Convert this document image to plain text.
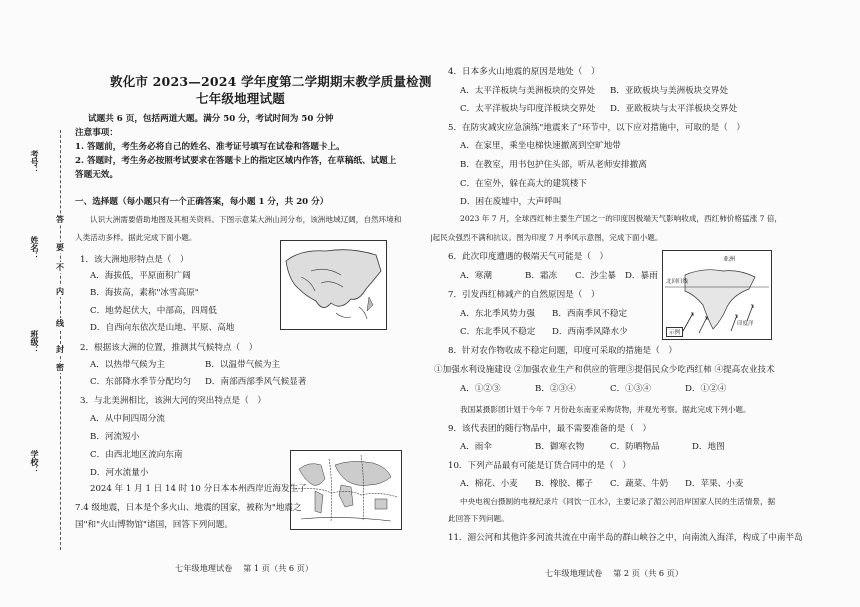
考号：
姓名：
班级：
学校：
答
要
不
内
线
封
密
敦化市 2023—2024 学年度第二学期期末教学质量检测
七年级地理试题
试题共 6 页，包括两道大题。满分 50 分，考试时间为 50 分钟
注意事项：
1. 答题前，考生务必将自己的姓名、准考证号填写在试卷和答题卡上。
2. 答题时，考生务必按照考试要求在答题卡上的指定区域内作答，在草稿纸、试题上
答题无效。
一、选择题（每小题只有一个正确答案，每小题 1 分，共 20 分）
认识大洲需要借助地图及其相关资料。下图示意某大洲山河分布，该洲地域辽阔，自然环境和
人类活动多样。据此完成下面小题。
1．该大洲地形特点是（　）
A．海拔低，平原面积广阔
B．海拔高，素称"冰雪高原"
C．地势起伏大，中部高，四周低
D．自西向东依次是山地、平原、高地
2．根据该大洲的位置，推测其气候特点（　）
A．以热带气候为主	B．以温带气候为主
C．东部降水季节分配均匀 D．南部西部季风气候显著
3．与北美洲相比，该洲大河的突出特点是（　）
A．从中间四周分流
B．河流短小
C．由西北地区流向东南
D．河水流量小
2024 年 1 月 1 日 14 时 10 分日本本州西岸近海发生了
7.4 级地震，日本是个多火山、地震的国家，被称为"地震之
国"和"火山博物馆"诸国，回答下列问题。
七年级地理试卷　 第 1 页（共 6 页）
4．日本多火山地震的原因是地处（　）
A．太平洋板块与美洲板块的交界处 B．亚欧板块与美洲板块交界处
C．太平洋板块与印度洋板块交界处 D．亚欧板块与太平洋板块交界处
5．在防灾减灾应急演练"地震来了"环节中，以下应对措施中，可取的是（　）
A．在家里，乘坐电梯快速撤离到空旷地带
B．在教室，用书包护住头部，听从老师安排撤离
C．在室外，躲在高大的建筑楼下
D．困在废墟中，大声呼叫
2023 年 7 月，全球西红柿主要生产国之一的印度因极端天气影响收成，西红柿价格猛涨 7 倍，
|起民众强烈不满和抗议。图为印度 7 月季风示意图，完成下面小题。
6．此次印度遭遇的极端天气可能是（　）
A．寒潮	B．霜冻 C．沙尘暴 D．暴雨
7．引发西红柿减产的自然原因是（　）
A．东北季风势力强 B．西南季风不稳定
C．东北季风不稳定 D．西南季风降水少
亚洲
北回归线
印度洋
示例
8．针对农作物收成不稳定问题，印度可采取的措施是（　）
①加强水利设施建设 ②加强农业生产和供应的管理③提倡民众少吃西红柿 ④提高农业技术
A．①②③	B．②③④	C．①③④	D．①②④
我国某摄影团计划于今年 7 月份赴东南亚采购货物，并观光考察。据此完成下列小题。
9．该代表团的随行物品中，最不需要准备的是（　）
A．雨伞	B．御寒衣物	C．防晒物品	D．地图
10．下列产品最有可能是订货合同中的是（　）
A．棉花、小麦 B．橡胶、椰子 C．蔬菜、牛奶 D．苹果、小麦
中央电视台摄制的电视纪录片《同饮一江水》，主要记录了湄公河沿岸国家人民的生活情景，据
此回答下列问题。
11．湄公河和其他许多河流共流在中南半岛的群山峡谷之中，向南流入海洋，构成了中南半岛
七年级地理试卷　 第 2 页（共 6 页）
